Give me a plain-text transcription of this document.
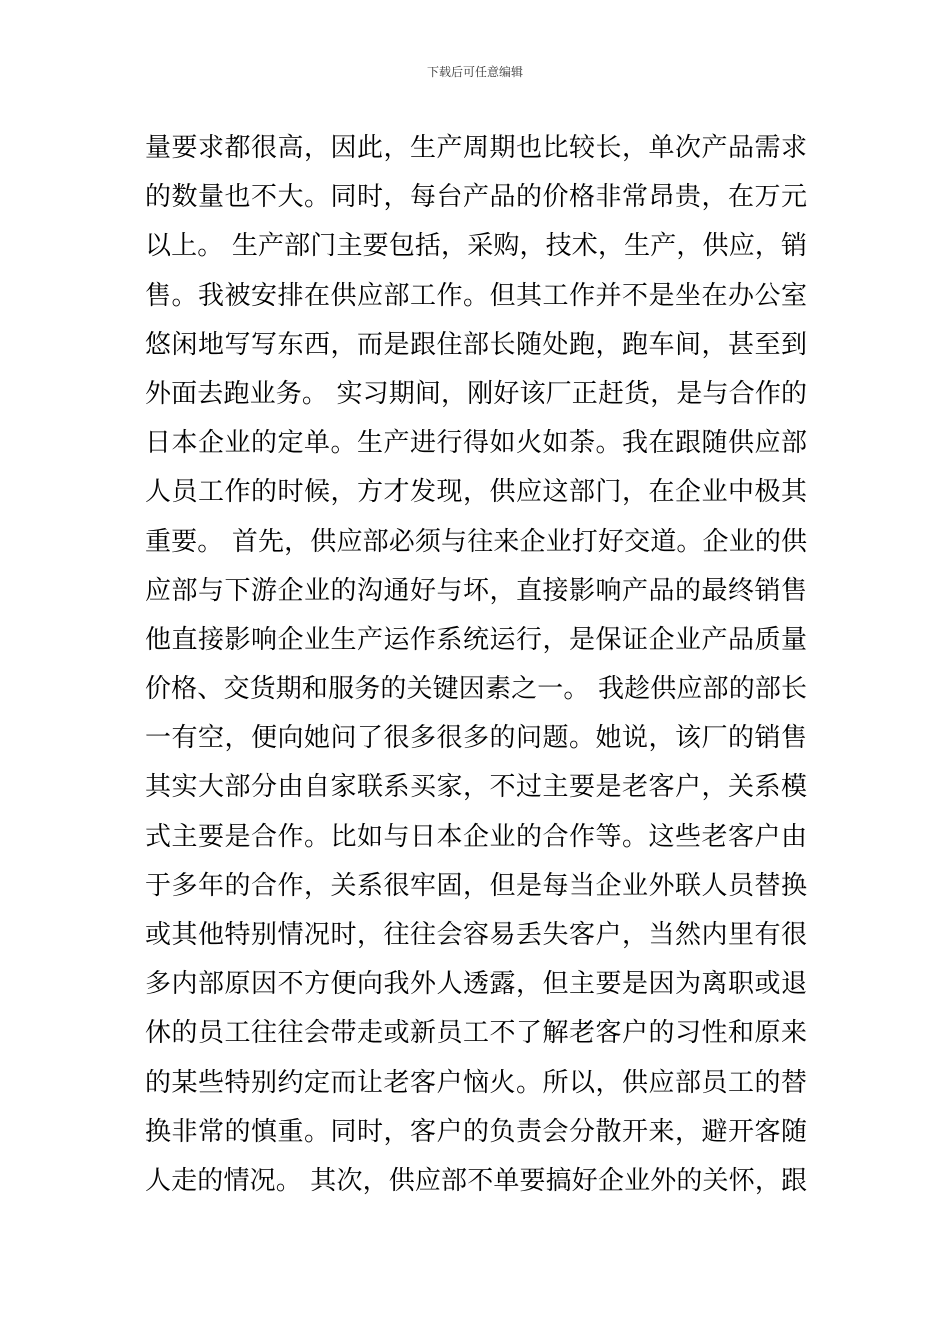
下载后可任意编辑
量要求都很高，因此，生产周期也比较长，单次产品需求
的数量也不大。同时，每台产品的价格非常昂贵，在万元
以上。 生产部门主要包括，采购，技术，生产，供应，销
售。我被安排在供应部工作。但其工作并不是坐在办公室
悠闲地写写东西，而是跟住部长随处跑，跑车间，甚至到
外面去跑业务。 实习期间，刚好该厂正赶货，是与合作的
日本企业的定单。生产进行得如火如荼。我在跟随供应部
人员工作的时候，方才发现，供应这部门，在企业中极其
重要。 首先，供应部必须与往来企业打好交道。企业的供
应部与下游企业的沟通好与坏，直接影响产品的最终销售
他直接影响企业生产运作系统运行，是保证企业产品质量
价格、交货期和服务的关键因素之一。 我趁供应部的部长
一有空，便向她问了很多很多的问题。她说，该厂的销售
其实大部分由自家联系买家，不过主要是老客户，关系模
式主要是合作。比如与日本企业的合作等。这些老客户由
于多年的合作，关系很牢固，但是每当企业外联人员替换
或其他特别情况时，往往会容易丢失客户，当然内里有很
多内部原因不方便向我外人透露，但主要是因为离职或退
休的员工往往会带走或新员工不了解老客户的习性和原来
的某些特别约定而让老客户恼火。所以，供应部员工的替
换非常的慎重。同时，客户的负责会分散开来，避开客随
人走的情况。 其次，供应部不单要搞好企业外的关怀，跟
